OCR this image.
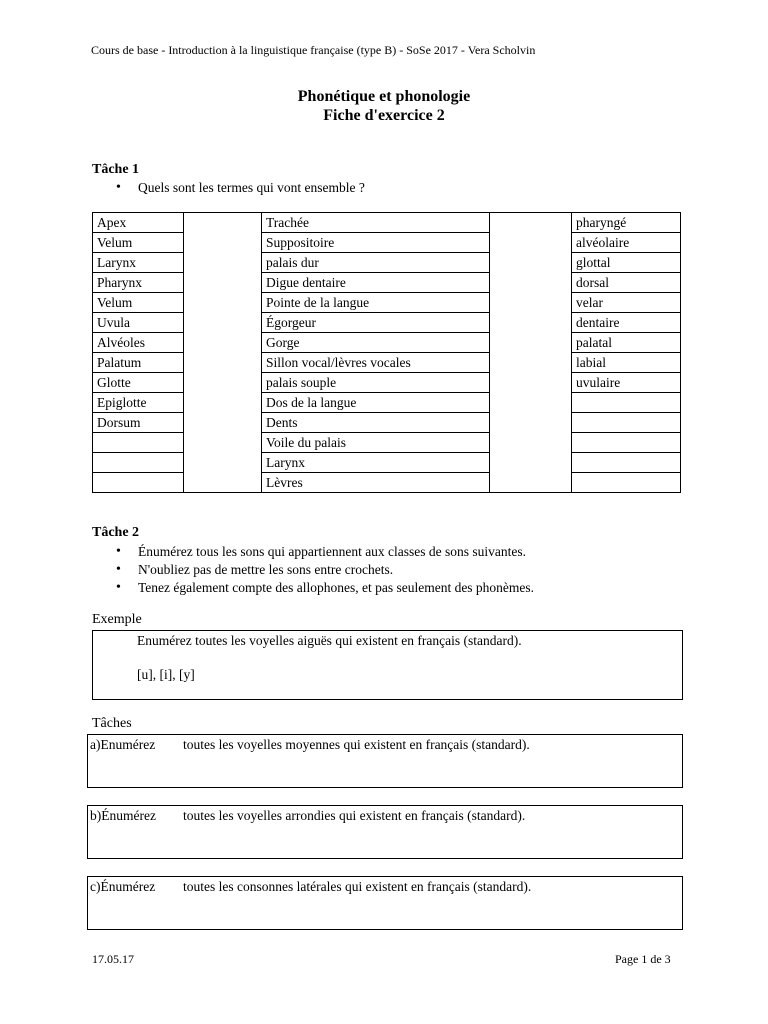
Cours de base - Introduction à la linguistique française (type B) - SoSe 2017 - Vera Scholvin
Phonétique et phonologie
Fiche d'exercice 2
Tâche 1
• Quels sont les termes qui vont ensemble ?
Apex		Trachée		pharyngé
Velum		Suppositoire		alvéolaire
Larynx		palais dur		glottal
Pharynx		Digue dentaire		dorsal
Velum		Pointe de la langue		velar
Uvula		Égorgeur		dentaire
Alvéoles		Gorge		palatal
Palatum		Sillon vocal/lèvres vocales		labial
Glotte		palais souple		uvulaire
Epiglotte		Dos de la langue		
Dorsum		Dents		
		Voile du palais		
		Larynx		
		Lèvres		
Tâche 2
• Énumérez tous les sons qui appartiennent aux classes de sons suivantes.
• N'oubliez pas de mettre les sons entre crochets.
• Tenez également compte des allophones, et pas seulement des phonèmes.
Exemple
Enumérez toutes les voyelles aiguës qui existent en français (standard).
[u], [i], [y]
Tâches
a)Enumérez toutes les voyelles moyennes qui existent en français (standard).
b)Énumérez toutes les voyelles arrondies qui existent en français (standard).
c)Énumérez toutes les consonnes latérales qui existent en français (standard).
17.05.17	Page 1 de 3
